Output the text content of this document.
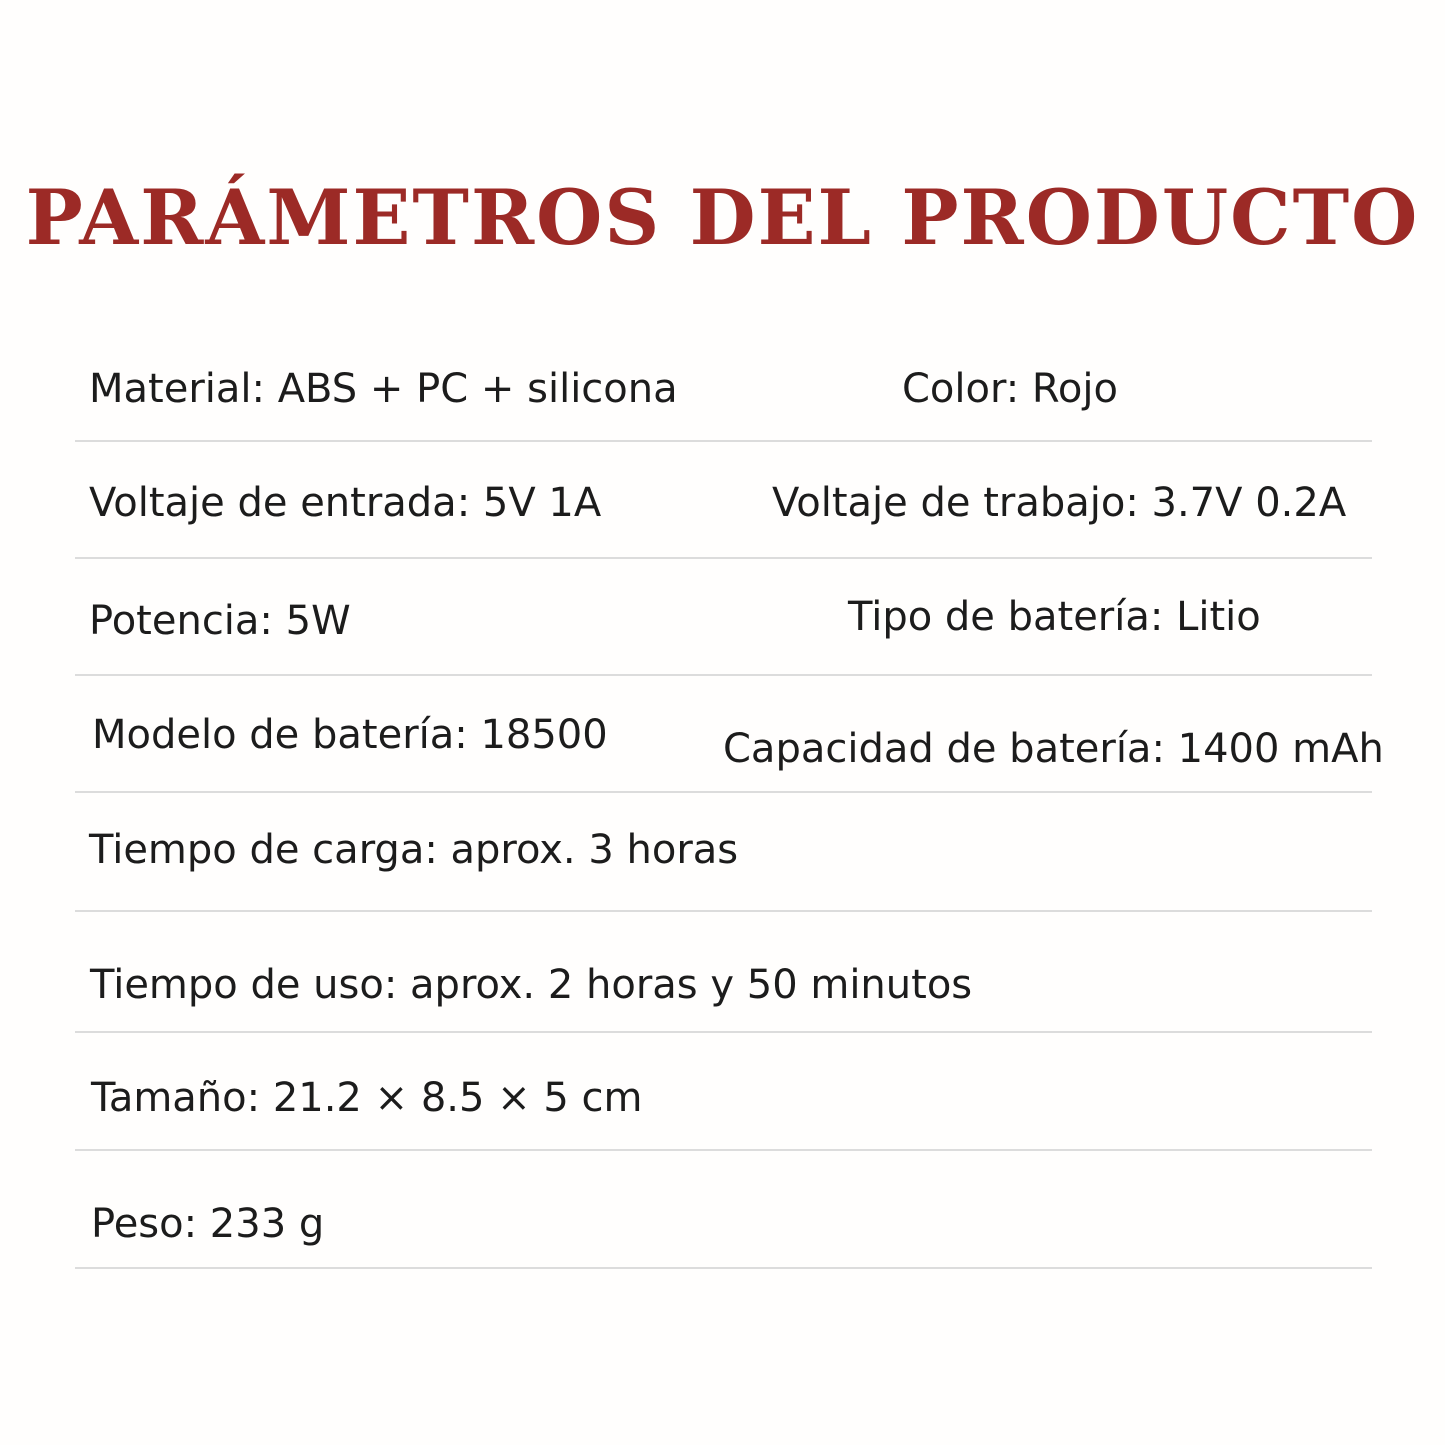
PARÁMETROS DEL PRODUCTO
Material: ABS + PC + silicona	Color: Rojo
Voltaje de entrada: 5V 1A	Voltaje de trabajo: 3.7V 0.2A
Potencia: 5W	Tipo de batería: Litio
Modelo de batería: 18500	Capacidad de batería: 1400 mAh
Tiempo de carga: aprox. 3 horas
Tiempo de uso: aprox. 2 horas y 50 minutos
Tamaño: 21.2 × 8.5 × 5 cm
Peso: 233 g
